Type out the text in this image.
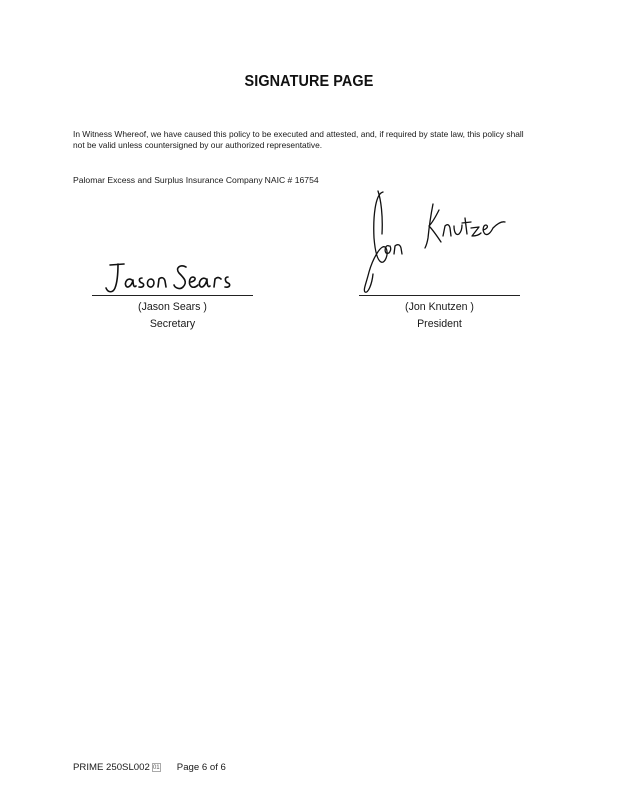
SIGNATURE PAGE
In Witness Whereof, we have caused this policy to be executed and attested, and, if required by state law, this policy shall not be valid unless countersigned by our authorized representative.
Palomar Excess and Surplus Insurance Company NAIC # 16754
(Jason Sears )
Secretary
(Jon Knutzen )
President
PRIME 250SL002 01 Page 6 of 6
